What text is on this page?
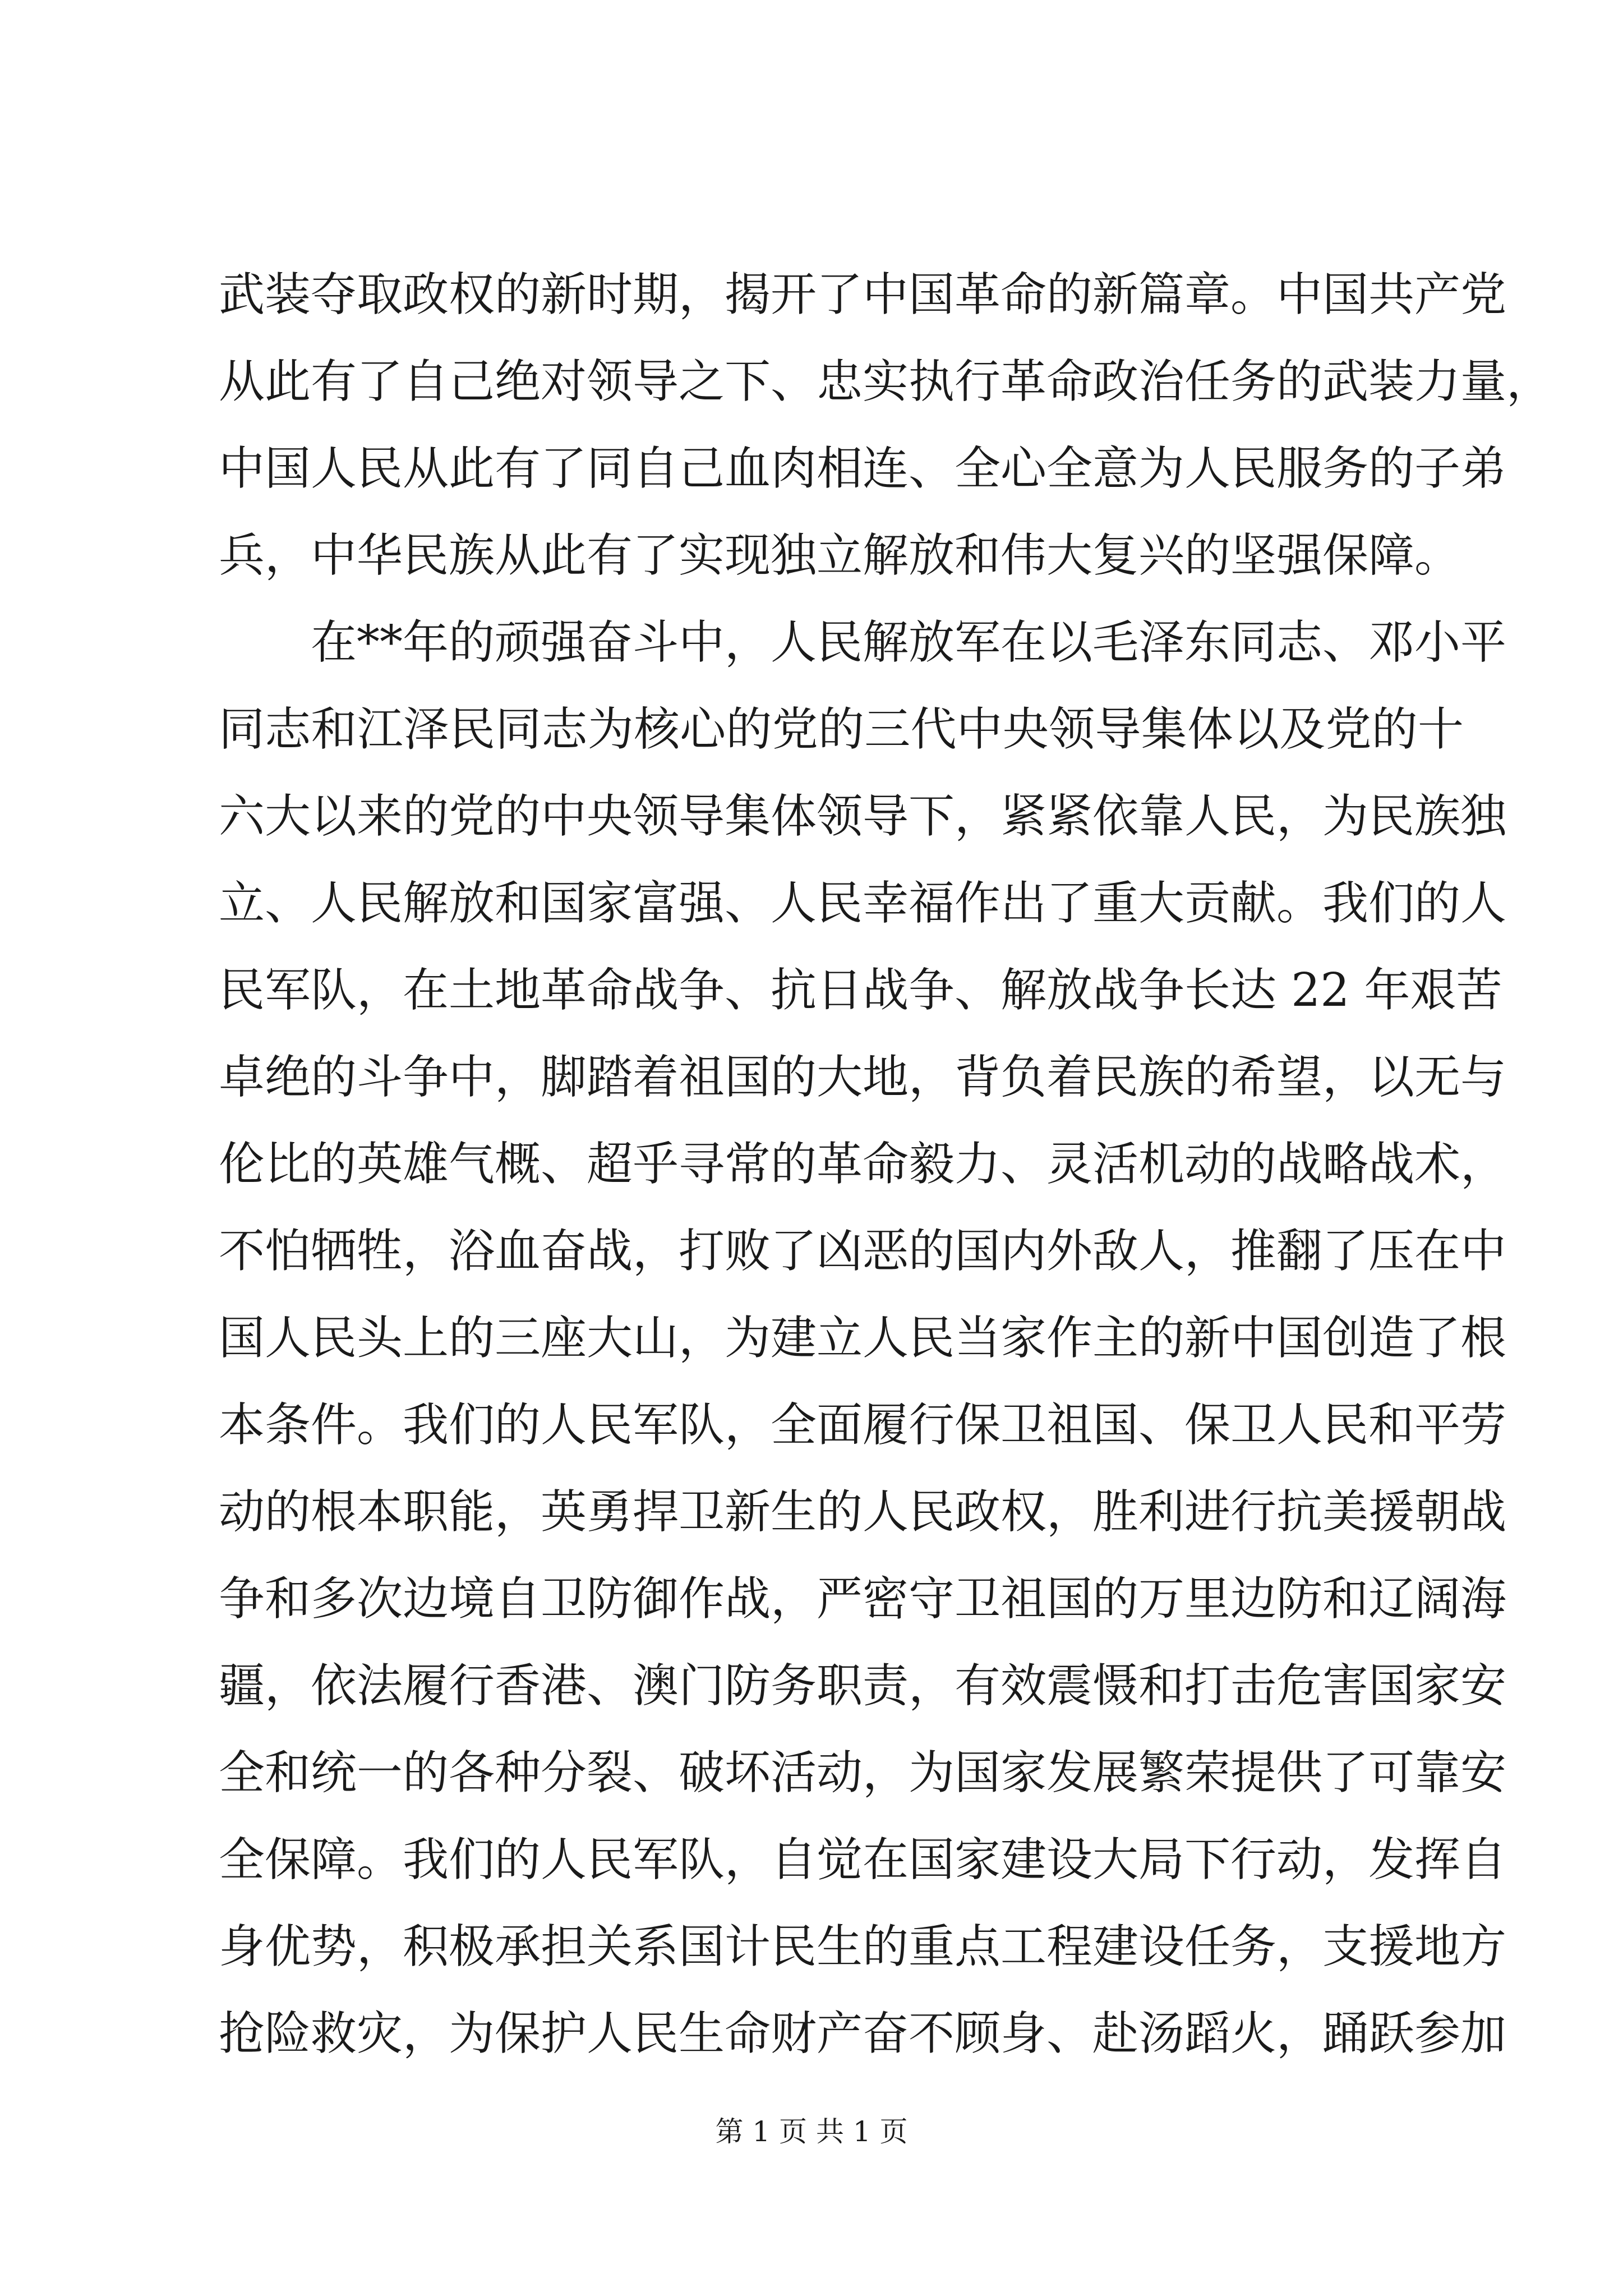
武装夺取政权的新时期，揭开了中国革命的新篇章。中国共产党
从此有了自己绝对领导之下、忠实执行革命政治任务的武装力量，
中国人民从此有了同自己血肉相连、全心全意为人民服务的子弟
兵，中华民族从此有了实现独立解放和伟大复兴的坚强保障。
在**年的顽强奋斗中，人民解放军在以毛泽东同志、邓小平
同志和江泽民同志为核心的党的三代中央领导集体以及党的十
六大以来的党的中央领导集体领导下，紧紧依靠人民，为民族独
立、人民解放和国家富强、人民幸福作出了重大贡献。我们的人
民军队，在土地革命战争、抗日战争、解放战争长达 22 年艰苦
卓绝的斗争中，脚踏着祖国的大地，背负着民族的希望，以无与
伦比的英雄气概、超乎寻常的革命毅力、灵活机动的战略战术，
不怕牺牲，浴血奋战，打败了凶恶的国内外敌人，推翻了压在中
国人民头上的三座大山，为建立人民当家作主的新中国创造了根
本条件。我们的人民军队，全面履行保卫祖国、保卫人民和平劳
动的根本职能，英勇捍卫新生的人民政权，胜利进行抗美援朝战
争和多次边境自卫防御作战，严密守卫祖国的万里边防和辽阔海
疆，依法履行香港、澳门防务职责，有效震慑和打击危害国家安
全和统一的各种分裂、破坏活动，为国家发展繁荣提供了可靠安
全保障。我们的人民军队，自觉在国家建设大局下行动，发挥自
身优势，积极承担关系国计民生的重点工程建设任务，支援地方
抢险救灾，为保护人民生命财产奋不顾身、赴汤蹈火，踊跃参加
第 1 页 共 1 页
